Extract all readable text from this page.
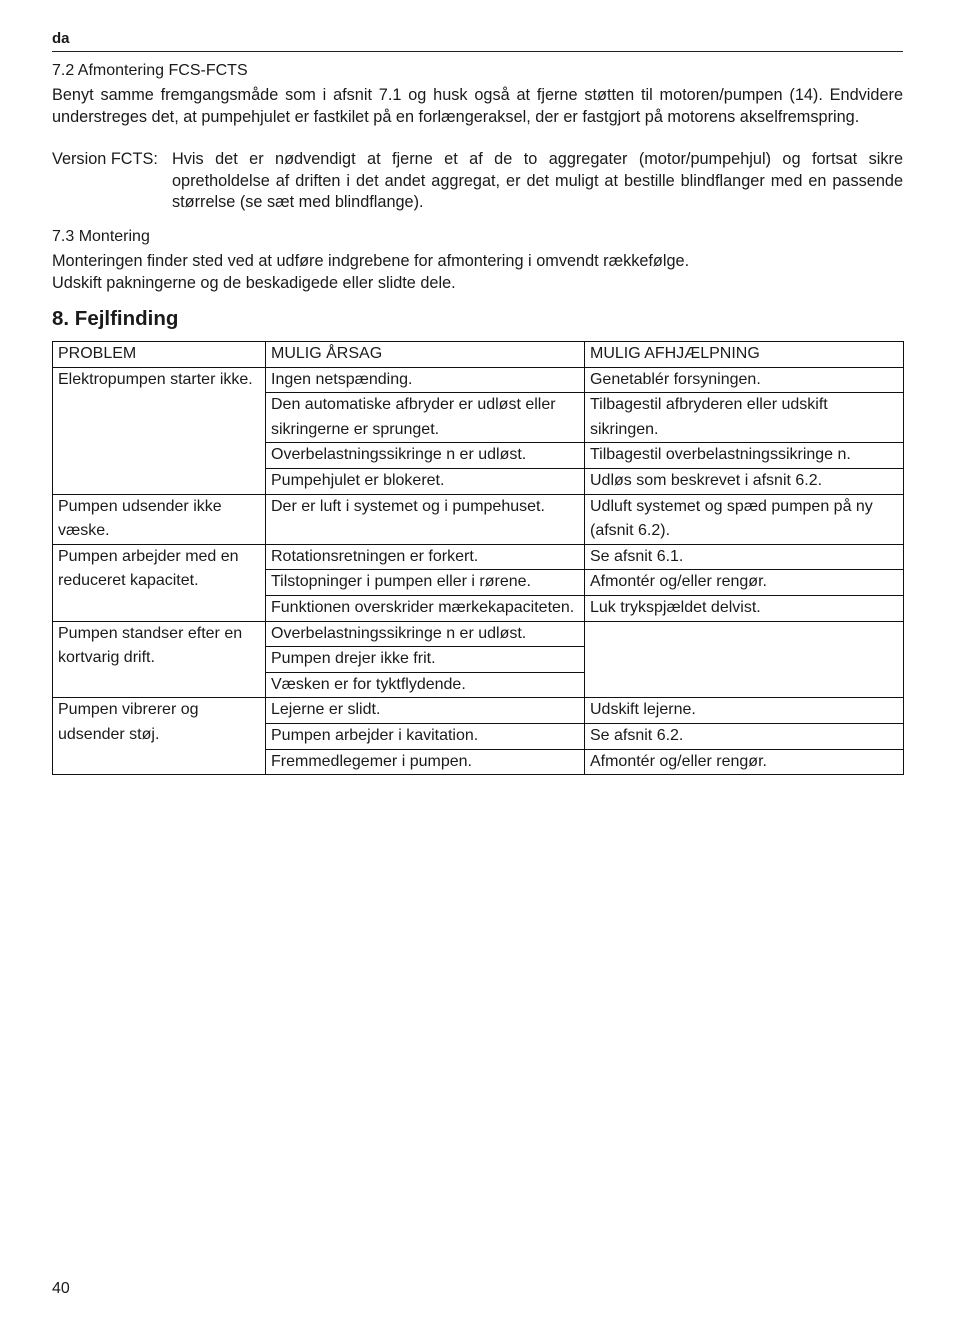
da
7.2 Afmontering FCS-FCTS

Benyt samme fremgangsmåde som i afsnit 7.1 og husk også at fjerne støtten til motoren/pumpen (14). Endvidere understreges det, at pumpehjulet er fastkilet på en forlængeraksel, der er fastgjort på motorens akselfremspring.

Version FCTS: Hvis det er nødvendigt at fjerne et af de to aggregater (motor/pumpehjul) og fortsat sikre opretholdelse af driften i det andet aggregat, er det muligt at bestille blindflanger med en passende størrelse (se sæt med blindflange).
7.3 Montering

Monteringen finder sted ved at udføre indgrebene for afmontering i omvendt rækkefølge.

Udskift pakningerne og de beskadigede eller slidte dele.

8. Fejlfinding
PROBLEM	MULIG ÅRSAG	MULIG AFHJÆLPNING
Elektropumpen starter ikke.	Ingen netspænding.	Genetablér forsyningen.
	Den automatiske afbryder er udløst eller sikringerne er sprunget.	Tilbagestil afbryderen eller udskift sikringen.
	Overbelastningssikringe n er udløst.	Tilbagestil overbelastningssikringe n.
	Pumpehjulet er blokeret.	Udløs som beskrevet i afsnit 6.2.
Pumpen udsender ikke væske.	Der er luft i systemet og i pumpehuset.	Udluft systemet og spæd pumpen på ny (afsnit 6.2).
Pumpen arbejder med en reduceret kapacitet.	Rotationsretningen er forkert.	Se afsnit 6.1.
	Tilstopninger i pumpen eller i rørene.	Afmontér og/eller rengør.
	Funktionen overskrider mærkekapaciteten.	Luk trykspjældet delvist.
Pumpen standser efter en kortvarig drift.	Overbelastningssikringe n er udløst.	
	Pumpen drejer ikke frit.	
	Væsken er for tyktflydende.	
Pumpen vibrerer og udsender støj.	Lejerne er slidt.	Udskift lejerne.
	Pumpen arbejder i kavitation.	Se afsnit 6.2.
	Fremmedlegemer i pumpen.	Afmontér og/eller rengør.
40
